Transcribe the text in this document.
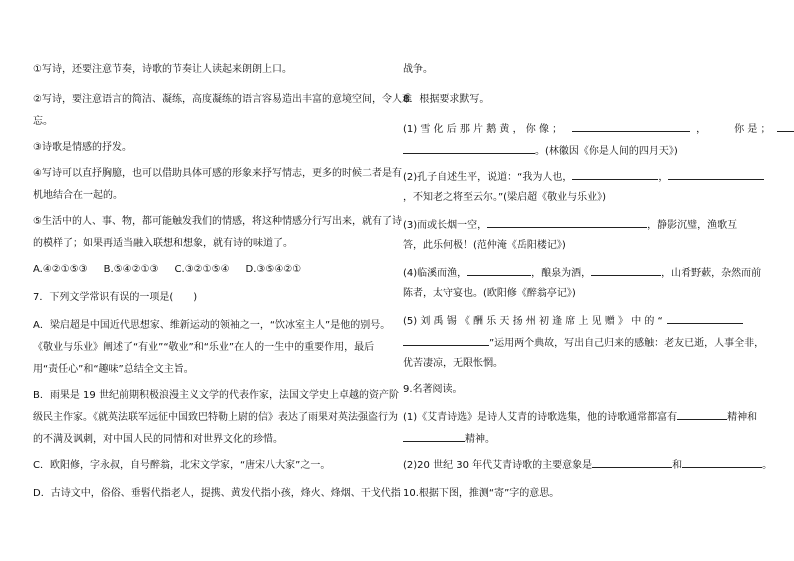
①写诗，还要注意节奏，诗歌的节奏让人读起来朗朗上口。
②写诗，要注意语言的简洁、凝练，高度凝练的语言容易造出丰富的意境空间，令人难
忘。
③诗歌是情感的抒发。
④写诗可以直抒胸臆，也可以借助具体可感的形象来抒写情志，更多的时候二者是有
机地结合在一起的。
⑤生活中的人、事、物，都可能触发我们的情感，将这种情感分行写出来，就有了诗
的模样了；如果再适当融入联想和想象，就有诗的味道了。
A.④②①⑤③ B.⑤④②①③ C.③②①⑤④ D.③⑤④②①
7．下列文学常识有误的一项是(　　)
A．梁启超是中国近代思想家、维新运动的领袖之一，“饮冰室主人”是他的别号。
《敬业与乐业》阐述了“有业”“敬业”和“乐业”在人的一生中的重要作用，最后
用“责任心”和“趣味”总结全文主旨。
B．雨果是 19 世纪前期积极浪漫主义文学的代表作家，法国文学史上卓越的资产阶
级民主作家。《就英法联军远征中国致巴特勒上尉的信》表达了雨果对英法强盗行为
的不满及讽刺，对中国人民的同情和对世界文化的珍惜。
C．欧阳修，字永叔，自号醉翁，北宋文学家，“唐宋八大家”之一。
D．古诗文中，俗俗、垂髫代指老人，提携、黄发代指小孩，烽火、烽烟、干戈代指
战争。
8．根据要求默写。
(1) 雪 化 后 那 片 鹅 黄 ， 你 像 ；	，	你 是 ；
。(林徽因《你是人间的四月天》)
(2)孔子自述生平，说道：“我为人也，	，
，不知老之将至云尔。”(梁启超《敬业与乐业》)
(3)而或长烟一空，	，静影沉璧，渔歌互
答，此乐何极！(范仲淹《岳阳楼记》)
(4)临溪而渔，	，酿泉为酒，	，山肴野蔌，杂然而前
陈者，太守宴也。(欧阳修《醉翁亭记》)
(5) 刘 禹 锡 《 酬 乐 天 扬 州 初 逢 席 上 见 赠 》 中 的 “
”运用两个典故，写出自己归来的感触：老友已逝，人事全非，
优苦凄凉，无限怅惘。
9.名著阅读。
(1)《艾青诗选》是诗人艾青的诗歌选集，他的诗歌通常都富有	精神和
精神。
(2)20 世纪 30 年代艾青诗歌的主要意象是	和	。
10.根据下图，推测“寄”字的意思。
